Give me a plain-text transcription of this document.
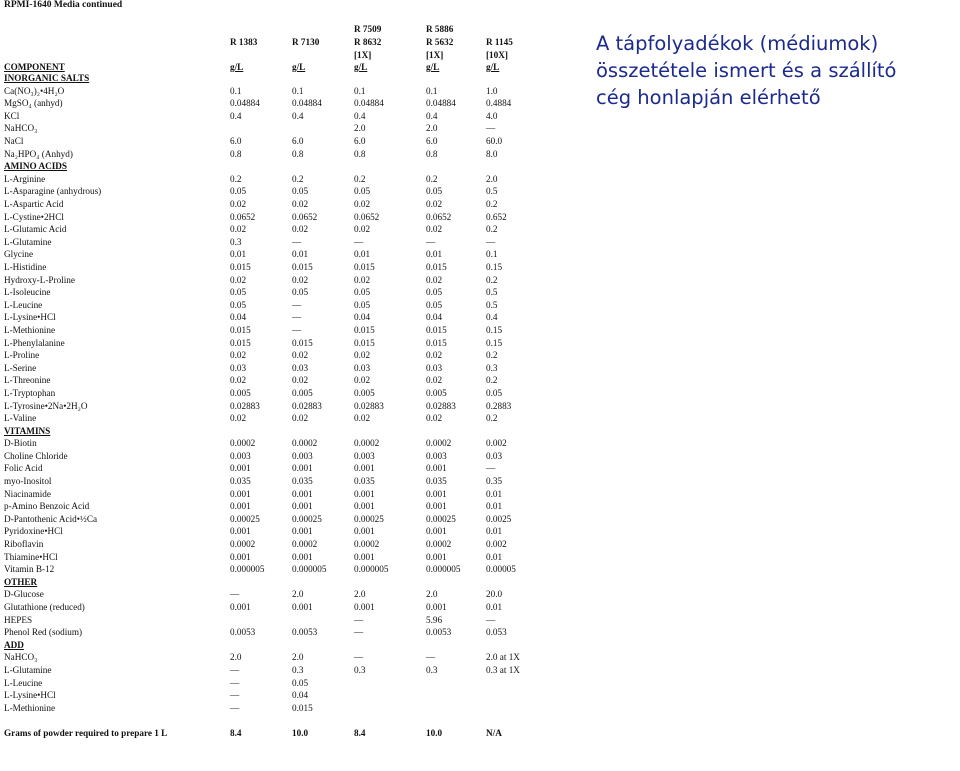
RPMI-1640 Media continued
			R 7509	R 5886	
	R 1383	R 7130	R 8632	R 5632	R 1145
			[1X]	[1X]	[10X]
COMPONENT	g/L	g/L	g/L	g/L	g/L
INORGANIC SALTS					
Ca(NO₃)₂•4H₂O	0.1	0.1	0.1	0.1	1.0
MgSO₄ (anhyd)	0.04884	0.04884	0.04884	0.04884	0.4884
KCl	0.4	0.4	0.4	0.4	4.0
NaHCO₃			2.0	2.0	—
NaCl	6.0	6.0	6.0	6.0	60.0
Na₂HPO₄ (Anhyd)	0.8	0.8	0.8	0.8	8.0
AMINO ACIDS					
L-Arginine	0.2	0.2	0.2	0.2	2.0
L-Asparagine (anhydrous)	0.05	0.05	0.05	0.05	0.5
L-Aspartic Acid	0.02	0.02	0.02	0.02	0.2
L-Cystine•2HCl	0.0652	0.0652	0.0652	0.0652	0.652
L-Glutamic Acid	0.02	0.02	0.02	0.02	0.2
L-Glutamine	0.3	—	—	—	—
Glycine	0.01	0.01	0.01	0.01	0.1
L-Histidine	0.015	0.015	0.015	0.015	0.15
Hydroxy-L-Proline	0.02	0.02	0.02	0.02	0.2
L-Isoleucine	0.05	0.05	0.05	0.05	0.5
L-Leucine	0.05	—	0.05	0.05	0.5
L-Lysine•HCl	0.04	—	0.04	0.04	0.4
L-Methionine	0.015	—	0.015	0.015	0.15
L-Phenylalanine	0.015	0.015	0.015	0.015	0.15
L-Proline	0.02	0.02	0.02	0.02	0.2
L-Serine	0.03	0.03	0.03	0.03	0.3
L-Threonine	0.02	0.02	0.02	0.02	0.2
L-Tryptophan	0.005	0.005	0.005	0.005	0.05
L-Tyrosine•2Na•2H₂O	0.02883	0.02883	0.02883	0.02883	0.2883
L-Valine	0.02	0.02	0.02	0.02	0.2
VITAMINS					
D-Biotin	0.0002	0.0002	0.0002	0.0002	0.002
Choline Chloride	0.003	0.003	0.003	0.003	0.03
Folic Acid	0.001	0.001	0.001	0.001	—
myo-Inositol	0.035	0.035	0.035	0.035	0.35
Niacinamide	0.001	0.001	0.001	0.001	0.01
p-Amino Benzoic Acid	0.001	0.001	0.001	0.001	0.01
D-Pantothenic Acid•½Ca	0.00025	0.00025	0.00025	0.00025	0.0025
Pyridoxine•HCl	0.001	0.001	0.001	0.001	0.01
Riboflavin	0.0002	0.0002	0.0002	0.0002	0.002
Thiamine•HCl	0.001	0.001	0.001	0.001	0.01
Vitamin B-12	0.000005	0.000005	0.000005	0.000005	0.00005
OTHER					
D-Glucose	—	2.0	2.0	2.0	20.0
Glutathione (reduced)	0.001	0.001	0.001	0.001	0.01
HEPES			—	5.96	—
Phenol Red (sodium)	0.0053	0.0053	—	0.0053	0.053
ADD					
NaHCO₃	2.0	2.0	—	—	2.0 at 1X
L-Glutamine	—	0.3	0.3	0.3	0.3 at 1X
L-Leucine	—	0.05			
L-Lysine•HCl	—	0.04			
L-Methionine	—	0.015			

Grams of powder required to prepare 1 L	8.4	10.0	8.4	10.0	N/A
A tápfolyadékok (médiumok)
összetétele ismert és a szállító
cég honlapján elérhető
